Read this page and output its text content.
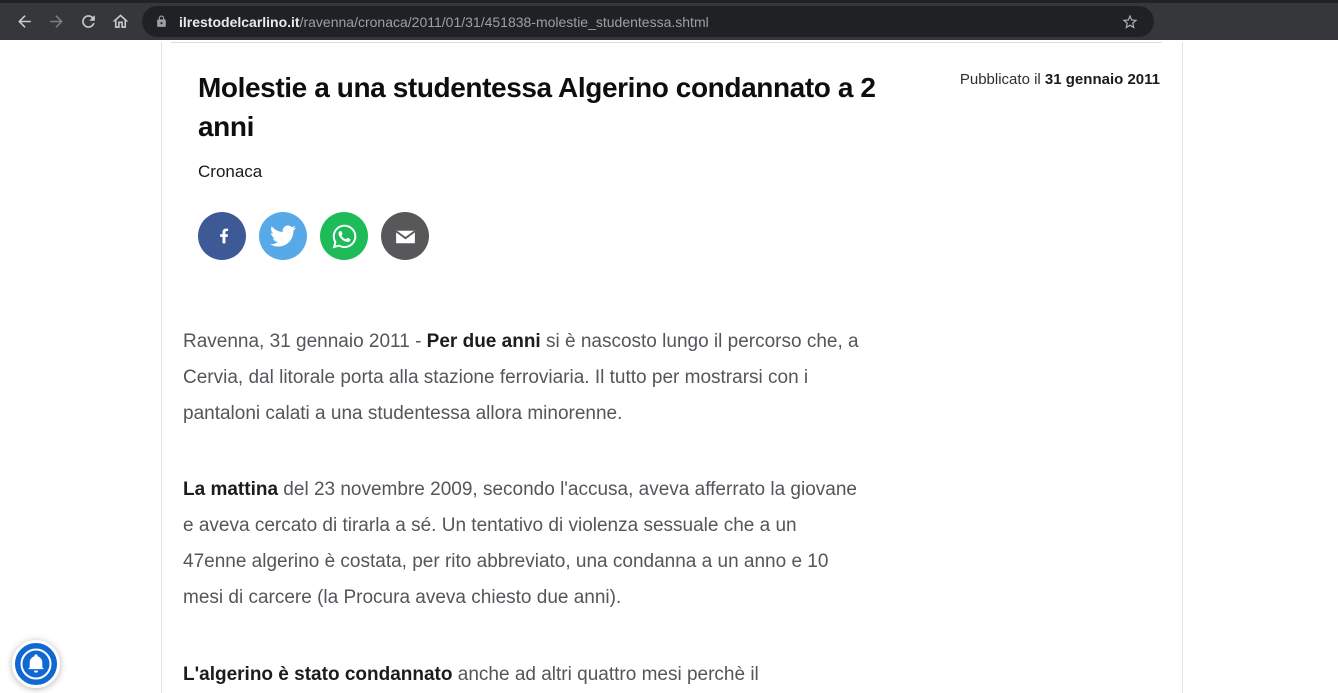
ilrestodelcarlino.it/ravenna/cronaca/2011/01/31/451838-molestie_studentessa.shtml
Molestie a una studentessa Algerino condannato a 2
anni
Pubblicato il 31 gennaio 2011
Cronaca

Ravenna, 31 gennaio 2011 - Per due anni si è nascosto lungo il percorso che, a Cervia, dal litorale porta alla stazione ferroviaria. Il tutto per mostrarsi con i pantaloni calati a una studentessa allora minorenne.

La mattina del 23 novembre 2009, secondo l'accusa, aveva afferrato la giovane e aveva cercato di tirarla a sé. Un tentativo di violenza sessuale che a un 47enne algerino è costata, per rito abbreviato, una condanna a un anno e 10 mesi di carcere (la Procura aveva chiesto due anni).

L'algerino è stato condannato anche ad altri quattro mesi perchè il
